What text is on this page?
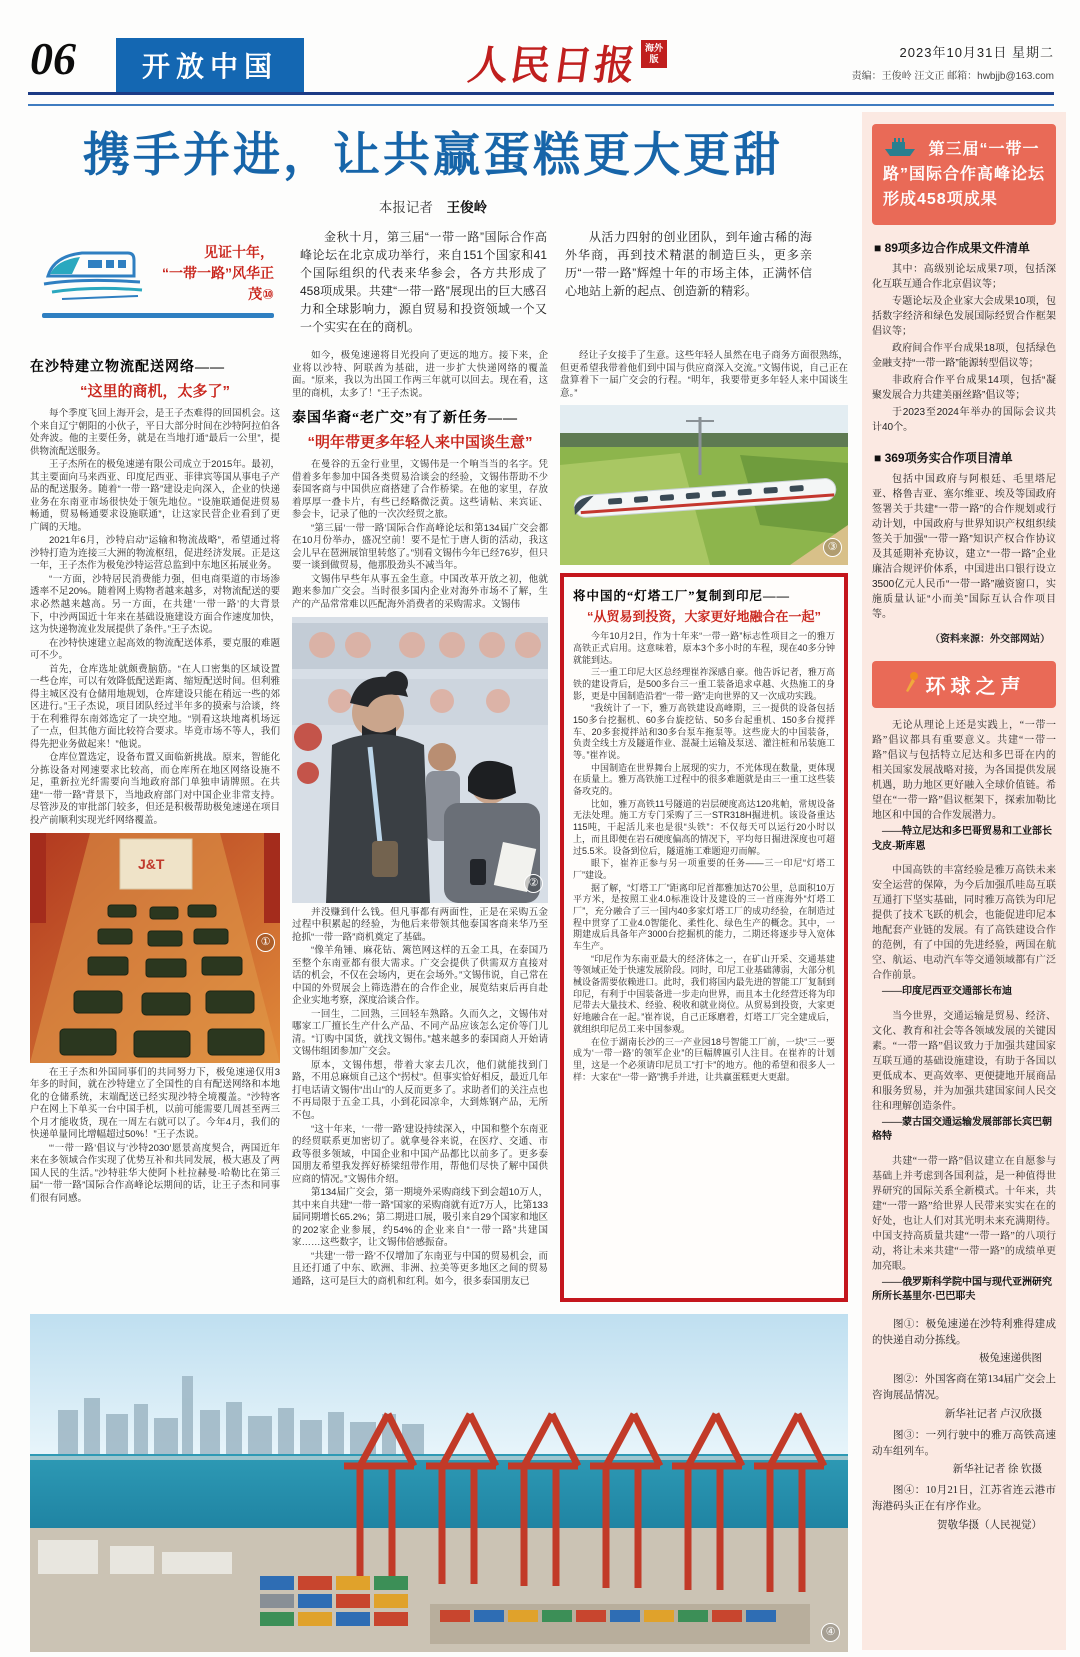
06	开放中国	人民日报 海外版	2023年10月31日 星期二
责编：王俊岭 汪文正 邮箱：hwbjjb@163.com
携手并进，让共赢蛋糕更大更甜
本报记者 王俊岭
见证十年，
“一带一路”风华正茂⑩

金秋十月，第三届“一带一路”国际合作高峰论坛在北京成功举行，来自151个国家和41个国际组织的代表来华参会，各方共形成了458项成果。共建“一带一路”展现出的巨大感召力和全球影响力，源自贸易和投资领域一个又一个实实在在的商机。

从活力四射的创业团队，到年逾古稀的海外华商，再到技术精湛的制造巨头，更多亲历“一带一路”辉煌十年的市场主体，正满怀信心地站上新的起点、创造新的精彩。

在沙特建立物流配送网络——
“这里的商机，太多了”

每个季度飞回上海开会，是王子杰难得的回国机会。这个来自辽宁朝阳的小伙子，平日大部分时间在沙特阿拉伯各处奔波。他的主要任务，就是在当地打通“最后一公里”，提供物流配送服务。

王子杰所在的极兔速递有限公司成立于2015年。最初，其主要面向马来西亚、印度尼西亚、菲律宾等国从事电子产品的配送服务。随着“一带一路”建设走向深入，企业的快递业务在东南亚市场很快处于领先地位。“设施联通促进贸易畅通，贸易畅通要求设施联通”，让这家民营企业看到了更广阔的天地。

2021年6月，沙特启动“运输和物流战略”，希望通过将沙特打造为连接三大洲的物流枢纽，促进经济发展。正是这一年，王子杰作为极兔沙特运营总监到中东地区拓展业务。

“一方面，沙特居民消费能力强，但电商渠道的市场渗透率不足20%。随着网上购物者越来越多，对物流配送的要求必然越来越高。另一方面，在共建‘一带一路’的大背景下，中沙两国近十年来在基础设施建设方面合作速度加快，这为快递物流业发展提供了条件。”王子杰说。

在沙特快速建立起高效的物流配送体系，要克服的难题可不少。

首先，仓库选址就颇费脑筋。“在人口密集的区域设置一些仓库，可以有效降低配送距离、缩短配送时间。但利雅得主城区没有仓储用地规划，仓库建设只能在稍远一些的郊区进行。”王子杰说，项目团队经过半年多的摸索与洽谈，终于在利雅得东南郊选定了一块空地。“别看这块地离机场远了一点，但其他方面比较符合要求。毕竟市场不等人，我们得先把业务做起来！”他说。

仓库位置选定，设备布置又面临新挑战。原来，智能化分拣设备对网速要求比较高，而仓库所在地区网络设施不足，重新拉光纤需要向当地政府部门单独申请牌照。在共建“一带一路”背景下，当地政府部门对中国企业非常支持。尽管涉及的审批部门较多，但还是积极帮助极兔速递在项目投产前顺利实现光纤网络覆盖。

J&T
①

在王子杰和外国同事们的共同努力下，极兔速递仅用3年多的时间，就在沙特建立了全国性的自有配送网络和本地化的仓储系统，末端配送已经实现沙特全境覆盖。“沙特客户在网上下单买一台中国手机，以前可能需要几周甚至两三个月才能收货，现在一周左右就可以了。今年4月，我们的快递单量同比增幅超过50%！”王子杰说。

“‘一带一路’倡议与‘沙特2030’愿景高度契合，两国近年来在多领域合作实现了优势互补和共同发展，极大惠及了两国人民的生活。”沙特驻华大使阿卜杜拉赫曼·哈勒比在第三届“一带一路”国际合作高峰论坛期间的话，让王子杰和同事们很有同感。

如今，极兔速递将目光投向了更远的地方。接下来，企业将以沙特、阿联酋为基础，进一步扩大快递网络的覆盖面。“原来，我以为出国工作两三年就可以回去。现在看，这里的商机，太多了！”王子杰说。

泰国华裔“老广交”有了新任务——
“明年带更多年轻人来中国谈生意”

在曼谷的五金行业里，文锡伟是一个响当当的名字。凭借着多年参加中国各类贸易洽谈会的经验，文锡伟帮助不少泰国客商与中国供应商搭建了合作桥梁。在他的家里，存放着厚厚一叠卡片，有些已经略微泛黄。这些请帖、来宾证、参会卡，记录了他的一次次经贸之旅。

“第三届‘一带一路’国际合作高峰论坛和第134届广交会都在10月份举办，盛况空前！要不是忙于唐人街的活动，我这会儿早在琶洲展馆里转悠了。”别看文锡伟今年已经76岁，但只要一谈到做贸易，他那股劲头不减当年。

文锡伟早些年从事五金生意。中国改革开放之初，他就跑来参加广交会。当时很多国内企业对海外市场不了解，生产的产品常常难以匹配海外消费者的采购需求。文锡伟

②

并没赚到什么钱。但凡事都有两面性，正是在采购五金过程中积累起的经验，为他后来带领其他泰国客商来华乃至抢抓“一带一路”商机奠定了基础。

“像羊角锤、麻花钻、篱笆网这样的五金工具，在泰国乃至整个东南亚都有很大需求。广交会提供了供需双方直接对话的机会，不仅在会场内，更在会场外。”文锡伟说，自己常在中国的外贸展会上筛选潜在的合作企业，展览结束后再自赴企业实地考察，深度洽谈合作。

一回生，二回熟，三回轻车熟路。久而久之，文锡伟对哪家工厂擅长生产什么产品、不同产品应该怎么定价等门儿清。“订购中国货，就找文锡伟。”越来越多的泰国商人开始请文锡伟组团参加广交会。

原本，文锡伟想，带着大家去几次，他们就能找到门路，不用总麻烦自己这个“拐杖”。但事实恰好相反，最近几年打电话请文锡伟“出山”的人反而更多了。求助者们的关注点也不再局限于五金工具，小到花园凉伞，大到炼钢产品，无所不包。

“这十年来，‘一带一路’建设持续深入，中国和整个东南亚的经贸联系更加密切了。就拿曼谷来说，在医疗、交通、市政等很多领域，中国企业和中国产品都比以前多了。更多泰国朋友希望我发挥好桥梁纽带作用，帮他们尽快了解中国供应商的情况。”文锡伟介绍。

第134届广交会，第一期境外采购商线下到会超10万人，其中来自共建“一带一路”国家的采购商就有近7万人，比第133届同期增长65.2%；第二期进口展，吸引来自29个国家和地区的202家企业参展，约54%的企业来自“一带一路”共建国家……这些数字，让文锡伟倍感振奋。

“共建‘一带一路’不仅增加了东南亚与中国的贸易机会，而且还打通了中东、欧洲、非洲、拉美等更多地区之间的贸易通路，这可是巨大的商机和红利。如今，很多泰国朋友已

经让子女接手了生意。这些年轻人虽然在电子商务方面很熟练，但更希望我带着他们到中国与供应商深入交流。”文锡伟说，自己正在盘算着下一届广交会的行程。“明年，我要带更多年轻人来中国谈生意。”

③
将中国的“灯塔工厂”复制到印尼——
“从贸易到投资，大家更好地融合在一起”

今年10月2日，作为十年来“一带一路”标志性项目之一的雅万高铁正式启用。这意味着，原本3个多小时的车程，现在40多分钟就能到达。

三一重工印尼大区总经理崔祚深感自豪。他告诉记者，雅万高铁的建设背后，是500多台三一重工装备追求卓越、火热施工的身影，更是中国制造沿着“一带一路”走向世界的又一次成功实践。

“我统计了一下，雅万高铁建设高峰期，三一提供的设备包括150多台挖掘机、60多台旋挖钻、50多台起重机、150多台搅拌车、20多套搅拌站和30多台泵车拖泵等。这些庞大的中国装备，负责全线土方及隧道作业、混凝土运输及泵送、灌注桩和吊装施工等。”崔祚说。

中国制造在世界舞台上展现的实力，不光体现在数量，更体现在质量上。雅万高铁施工过程中的很多难题就是由三一重工这些装备攻克的。

比如，雅万高铁11号隧道的岩层硬度高达120兆帕，常规设备无法处理。施工方专门采购了三一STR318H掘进机。该设备重达115吨，干起活儿来也是很“头铁”：不仅每天可以运行20小时以上，而且即便在岩石硬度偏高的情况下，平均每日掘进深度也可超过5.5米。设备到位后，隧道施工难题迎刃而解。

眼下，崔祚正参与另一项重要的任务——三一印尼“灯塔工厂”建设。

据了解，“灯塔工厂”距离印尼首都雅加达70公里，总面积10万平方米，是按照工业4.0标准设计及建设的三一首座海外“灯塔工厂”，充分融合了三一国内40多家灯塔工厂的成功经验，在制造过程中贯穿了工业4.0智能化、柔性化、绿色生产的概念。其中，一期建成后具备年产3000台挖掘机的能力，二期还将逐步导入宽体车生产。

“印尼作为东南亚最大的经济体之一，在矿山开采、交通基建等领域正处于快速发展阶段。同时，印尼工业基础薄弱，大部分机械设备需要依赖进口。此时，我们将国内最先进的智能工厂复制到印尼，有利于中国装备进一步走向世界，而且本土化经营还将为印尼带去大量技术、经验、税收和就业岗位。从贸易到投资，大家更好地融合在一起。”崔祚说，自己正琢磨着，灯塔工厂完全建成后，就组织印尼员工来中国参观。

在位于湖南长沙的三一产业园18号智能工厂前，一块“三一要成为‘一带一路’的领军企业”的巨幅牌匾引人注目。在崔祚的计划里，这是一个必须请印尼员工“打卡”的地方。他的希望和很多人一样：大家在“一带一路”携手并进，让共赢蛋糕更大更甜。

④
第三届“一带一路”国际合作高峰论坛形成458项成果
■ 89项多边合作成果文件清单

其中：高级别论坛成果7项，包括深化互联互通合作北京倡议等；

专题论坛及企业家大会成果10项，包括数字经济和绿色发展国际经贸合作框架倡议等；

政府间合作平台成果18项，包括绿色金融支持“一带一路”能源转型倡议等；

非政府合作平台成果14项，包括“凝聚发展合力共建美丽丝路”倡议等；

于2023至2024年举办的国际会议共计40个。

■ 369项务实合作项目清单

包括中国政府与阿根廷、毛里塔尼亚、格鲁吉亚、塞尔维亚、埃及等国政府签署关于共建“一带一路”的合作规划或行动计划，中国政府与世界知识产权组织续签关于加强“一带一路”知识产权合作协议及其延期补充协议，建立“一带一路”企业廉洁合规评价体系，中国进出口银行设立3500亿元人民币“一带一路”融资窗口，实施质量认证“小而美”国际互认合作项目等。

（资料来源：外交部网站）
环球之声

无论从理论上还是实践上，“一带一路”倡议都具有重要意义。共建“一带一路”倡议与包括特立尼达和多巴哥在内的相关国家发展战略对接，为各国提供发展机遇，助力地区更好融入全球价值链。希望在“一带一路”倡议框架下，探索加勒比地区和中国的合作发展潜力。

——特立尼达和多巴哥贸易和工业部长戈皮-斯库恩

中国高铁的丰富经验是雅万高铁未来安全运营的保障，为今后加强爪哇岛互联互通打下坚实基础，同时雅万高铁为印尼提供了技术飞跃的机会，也能促进印尼本地配套产业链的发展。有了高铁建设合作的范例，有了中国的先进经验，两国在航空、航运、电动汽车等交通领域都有广泛合作前景。

——印度尼西亚交通部长布迪

当今世界，交通运输是贸易、经济、文化、教育和社会等各领域发展的关键因素。“一带一路”倡议致力于加强共建国家互联互通的基础设施建设，有助于各国以更低成本、更高效率、更便捷地开展商品和服务贸易，并为加强共建国家间人民交往和理解创造条件。

——蒙古国交通运输发展部部长宾巴朝格特

共建“一带一路”倡议建立在自愿参与基础上并考虑到各国利益，是一种值得世界研究的国际关系全新模式。十年来，共建“一带一路”给世界人民带来实实在在的好处，也让人们对其光明未来充满期待。中国支持高质量共建“一带一路”的八项行动，将让未来共建“一带一路”的成绩单更加亮眼。

——俄罗斯科学院中国与现代亚洲研究所所长基里尔·巴巴耶夫

图①：极兔速递在沙特利雅得建成的快递自动分拣线。

极兔速递供图

图②：外国客商在第134届广交会上咨询展品情况。

新华社记者 卢汉欣摄

图③：一列行驶中的雅万高铁高速动车组列车。

新华社记者 徐 钦摄

图④：10月21日，江苏省连云港市海港码头正在有序作业。

贺敬华摄（人民视觉）
